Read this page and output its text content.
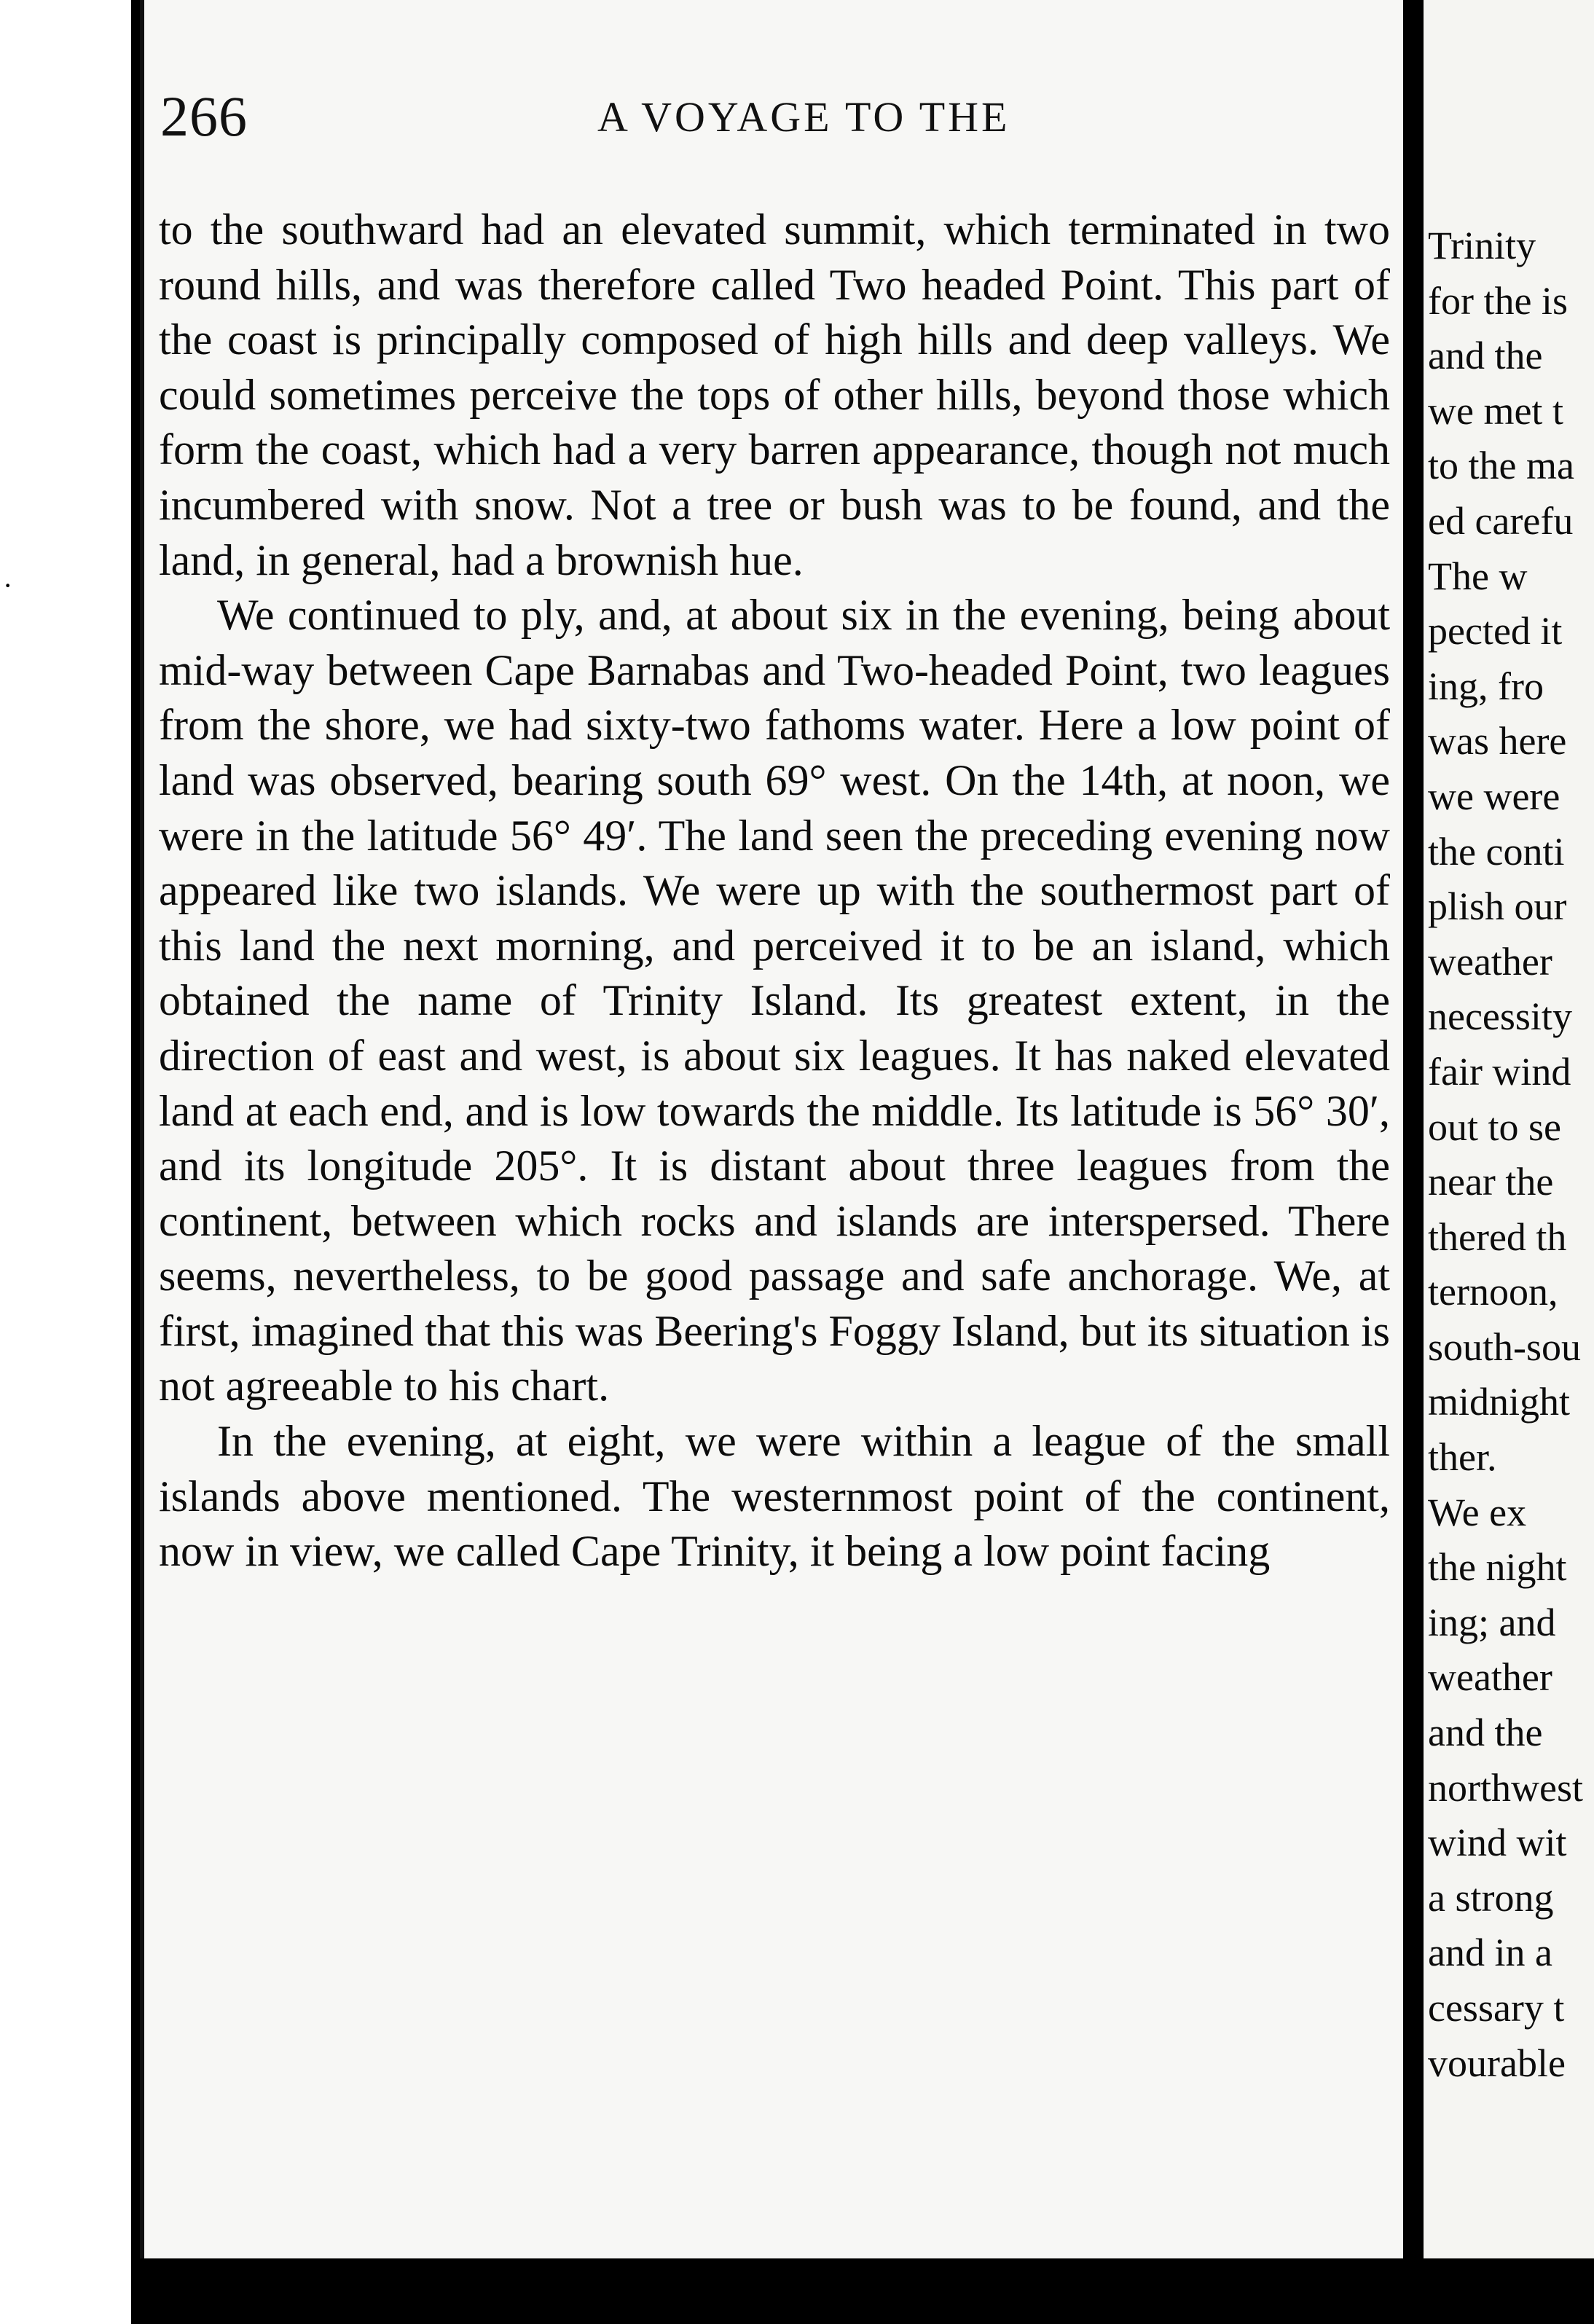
·
266	A VOYAGE TO THE

to the southward had an elevated summit, which terminated in two round hills, and was therefore called Two headed Point. This part of the coast is principally composed of high hills and deep valleys. We could sometimes perceive the tops of other hills, beyond those which form the coast, which had a very barren appearance, though not much incumbered with snow. Not a tree or bush was to be found, and the land, in general, had a brownish hue.

We continued to ply, and, at about six in the evening, being about mid-way between Cape Barnabas and Two-headed Point, two leagues from the shore, we had sixty-two fathoms water. Here a low point of land was observed, bearing south 69° west. On the 14th, at noon, we were in the latitude 56° 49′. The land seen the preceding evening now appeared like two islands. We were up with the southermost part of this land the next morning, and perceived it to be an island, which obtained the name of Trinity Island. Its greatest extent, in the direction of east and west, is about six leagues. It has naked elevated land at each end, and is low towards the middle. Its latitude is 56° 30′, and its longitude 205°. It is distant about three leagues from the continent, between which rocks and islands are interspersed. There seems, nevertheless, to be good passage and safe anchorage. We, at first, imagined that this was Beering's Foggy Island, but its situation is not agreeable to his chart.

In the evening, at eight, we were within a league of the small islands above mentioned. The westernmost point of the continent, now in view, we called Cape Trinity, it being a low point facing

Trinity
for the is
and the
we met t
to the ma
ed carefu
The w
pected it
ing, fro
was here
we were
the conti
plish our
weather
necessity
fair wind
out to se
near the
thered th
ternoon,
south-sou
midnight
ther.
We ex
the night
ing; and
weather
and the
northwest
wind wit
a strong
and in a
cessary t
vourable
